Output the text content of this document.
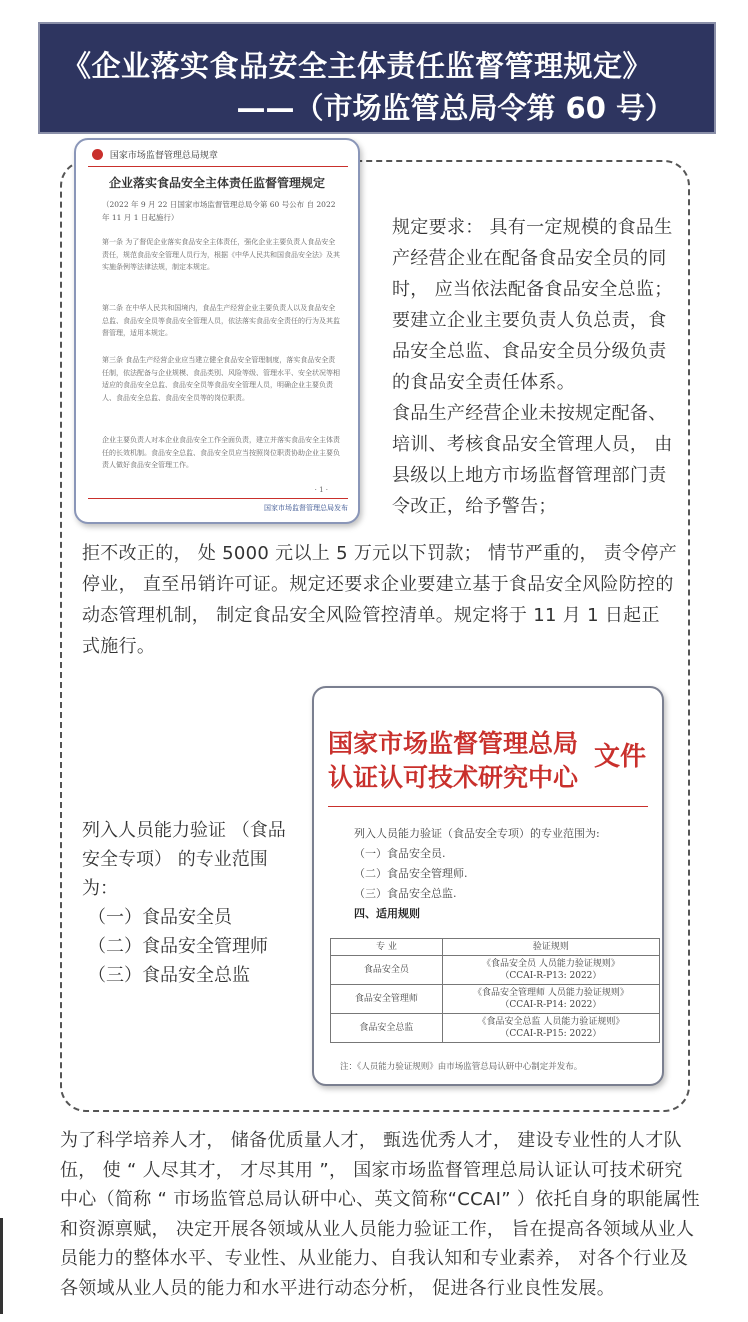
《企业落实食品安全主体责任监督管理规定》
——（市场监管总局令第 60 号）
国家市场监督管理总局规章
企业落实食品安全主体责任监督管理规定
（2022 年 9 月 22 日国家市场监督管理总局令第 60 号公布 自 2022 年 11 月 1 日起施行）
第一条 为了督促企业落实食品安全主体责任，强化企业主要负责人食品安全责任，规范食品安全管理人员行为，根据《中华人民共和国食品安全法》及其实施条例等法律法规，制定本规定。
第二条 在中华人民共和国境内，食品生产经营企业主要负责人以及食品安全总监、食品安全员等食品安全管理人员，依法落实食品安全责任的行为及其监督管理，适用本规定。
第三条 食品生产经营企业应当建立健全食品安全管理制度，落实食品安全责任制，依法配备与企业规模、食品类别、风险等级、管理水平、安全状况等相适应的食品安全总监、食品安全员等食品安全管理人员，明确企业主要负责人、食品安全总监、食品安全员等的岗位职责。
企业主要负责人对本企业食品安全工作全面负责，建立并落实食品安全主体责任的长效机制。食品安全总监、食品安全员应当按照岗位职责协助企业主要负责人做好食品安全管理工作。
· 1 ·
国家市场监督管理总局发布

规定要求： 具有一定规模的食品生产经营企业在配备食品安全员的同时， 应当依法配备食品安全总监； 要建立企业主要负责人负总责，食品安全总监、食品安全员分级负责的食品安全责任体系。

食品生产经营企业未按规定配备、培训、考核食品安全管理人员， 由县级以上地方市场监督管理部门责令改正，给予警告；

拒不改正的， 处 5000 元以上 5 万元以下罚款； 情节严重的， 责令停产停业， 直至吊销许可证。规定还要求企业要建立基于食品安全风险防控的动态管理机制， 制定食品安全风险管控清单。规定将于 11 月 1 日起正式施行。
列入人员能力验证 （食品安全专项） 的专业范围为：
（一）食品安全员
（二）食品安全管理师
（三）食品安全总监
国家市场监督管理总局
认证认可技术研究中心
文件
列入人员能力验证（食品安全专项）的专业范围为:
（一）食品安全员.
（二）食品安全管理师.
（三）食品安全总监.
四、适用规则
专 业	验证规则
食品安全员	《食品安全员 人员能力验证规则》
（CCAI-R-P13: 2022）

食品安全管理师	《食品安全管理师 人员能力验证规则》
（CCAI-R-P14: 2022）

食品安全总监	《食品安全总监 人员能力验证规则》
（CCAI-R-P15: 2022）
注：《人员能力验证规则》由市场监管总局认研中心制定并发布。
为了科学培养人才， 储备优质量人才， 甄选优秀人才， 建设专业性的人才队伍， 使 “ 人尽其才， 才尽其用 ”， 国家市场监督管理总局认证认可技术研究中心（简称 “ 市场监管总局认研中心、英文简称“CCAI” ）依托自身的职能属性和资源禀赋， 决定开展各领域从业人员能力验证工作， 旨在提高各领域从业人员能力的整体水平、专业性、从业能力、自我认知和专业素养， 对各个行业及各领域从业人员的能力和水平进行动态分析， 促进各行业良性发展。
